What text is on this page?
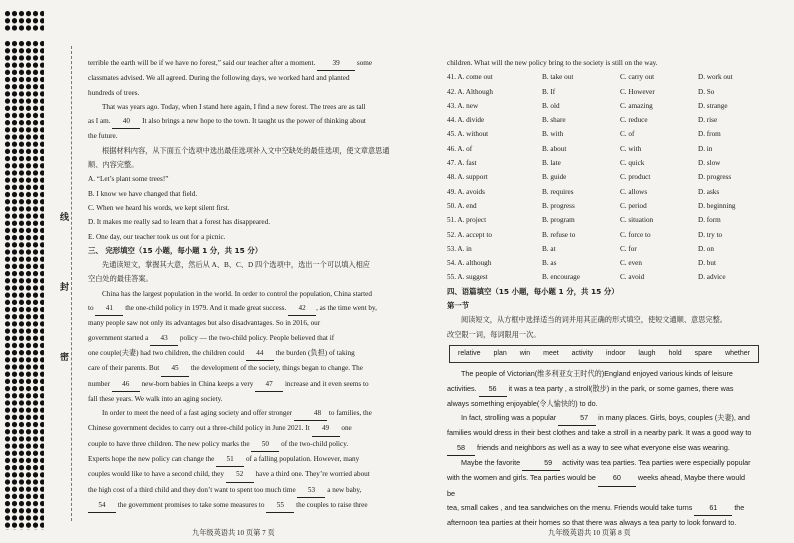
线
封
密

terrible the earth will be if we have no forest,” said our teacher after a moment. 39 some

classmates advised. We all agreed. During the following days, we worked hard and planted

hundreds of trees.

That was years ago. Today, when I stand here again, I find a new forest. The trees are as tall

as I am. 40 It also brings a new hope to the town. It taught us the power of thinking about

the future.

根据材料内容，从下面五个选项中选出最佳选项补入文中空缺处的最佳选项，使文章意思通

顺、内容完整。

A. “Let’s plant some trees!”

B. I know we have changed that field.

C. When we heard his words, we kept silent first.

D. It makes me really sad to learn that a forest has disappeared.

E. One day, our teacher took us out for a picnic.

三、 完形填空（15 小题，每小题 1 分，共 15 分）

先通读短文，掌握其大意，然后从 A、B、C、D 四个选项中，选出一个可以填入相应

空白处的最佳答案。

China has the largest population in the world. In order to control the population, China started

to 41 the one-child policy in 1979. And it made great success. 42 , as the time went by,

many people saw not only its advantages but also disadvantages. So in 2016, our

government started a 43 policy — the two-child policy. People believed that if

one couple(夫妻) had two children, the children could 44 the burden (负担) of taking

care of their parents. But 45 the development of the society, things began to change. The

number 46 new-born babies in China keeps a very 47 increase and it even seems to

fall these years. We walk into an aging society.

In order to meet the need of a fast aging society and offer stronger	48 to families, the

Chinese government decides to carry out a three-child policy in June 2021. It 49 one

couple to have three children. The new policy marks the 50 of the two-child policy.

Experts hope the new policy can change the 51 of a falling population. However, many

couples would like to have a second child, they 52 have a third one. They’re worried about

the high cost of a third child and they don’t want to spent too much time 53 a new baby,

54 the government promises to take some measures to 55 the couples to raise three

九年级英语共 10 页第 7 页

children. What will the new policy bring to the society is still on the way.

41. A. come out	B. take out	C. carry out	D. work out
42. A. Although	B. If	C. However	D. So
43. A. new	B. old	C. amazing	D. strange
44. A. divide	B. share	C. reduce	D. rise
45. A. without	B. with	C. of	D. from
46. A. of	B. about	C. with	D. in
47. A. fast	B. late	C. quick	D. slow
48. A. support	B. guide	C. product	D. progress
49. A. avoids	B. requires	C. allows	D. asks
50. A. end	B. progress	C. period	D. beginning
51. A. project	B. program	C. situation	D. form
52. A. accept to	B. refuse to	C. force to	D. try to
53. A. in	B. at	C. for	D. on
54. A. although	B. as	C. even	D. but
55. A. suggest	B. encourage	C. avoid	D. advice

四、语篇填空（15 小题，每小题 1 分，共 15 分）

第一节

阅读短文，从方框中选择适当的词并用其正确的形式填空，使短文通顺、意思完整。

改空限一词，每词限用一次。

relative plan win meet activity indoor laugh hold spare whether

The people of Victorian(维多利亚女王时代的)England enjoyed various kinds of leisure

activities. 56 it was a tea party , a stroll(散步) in the park, or some games, there was

always something enjoyable(令人愉快的) to do.

In fact, strolling was a popular	57 in many places. Girls, boys, couples (夫妻), and

families would dress in their best clothes and take a stroll in a nearby park. It was a good way to

58 friends and neighbors as well as a way to see what everyone else was wearing.

Maybe the favorite	59 activity was tea parties. Tea parties were especially popular

with the women and girls. Tea parties would be 60 weeks ahead, Maybe there would be

tea, small cakes , and tea sandwiches on the menu. Friends would take turns 61 the

afternoon tea parties at their homes so that there was always a tea party to look forward to.

九年级英语共 10 页第 8 页
